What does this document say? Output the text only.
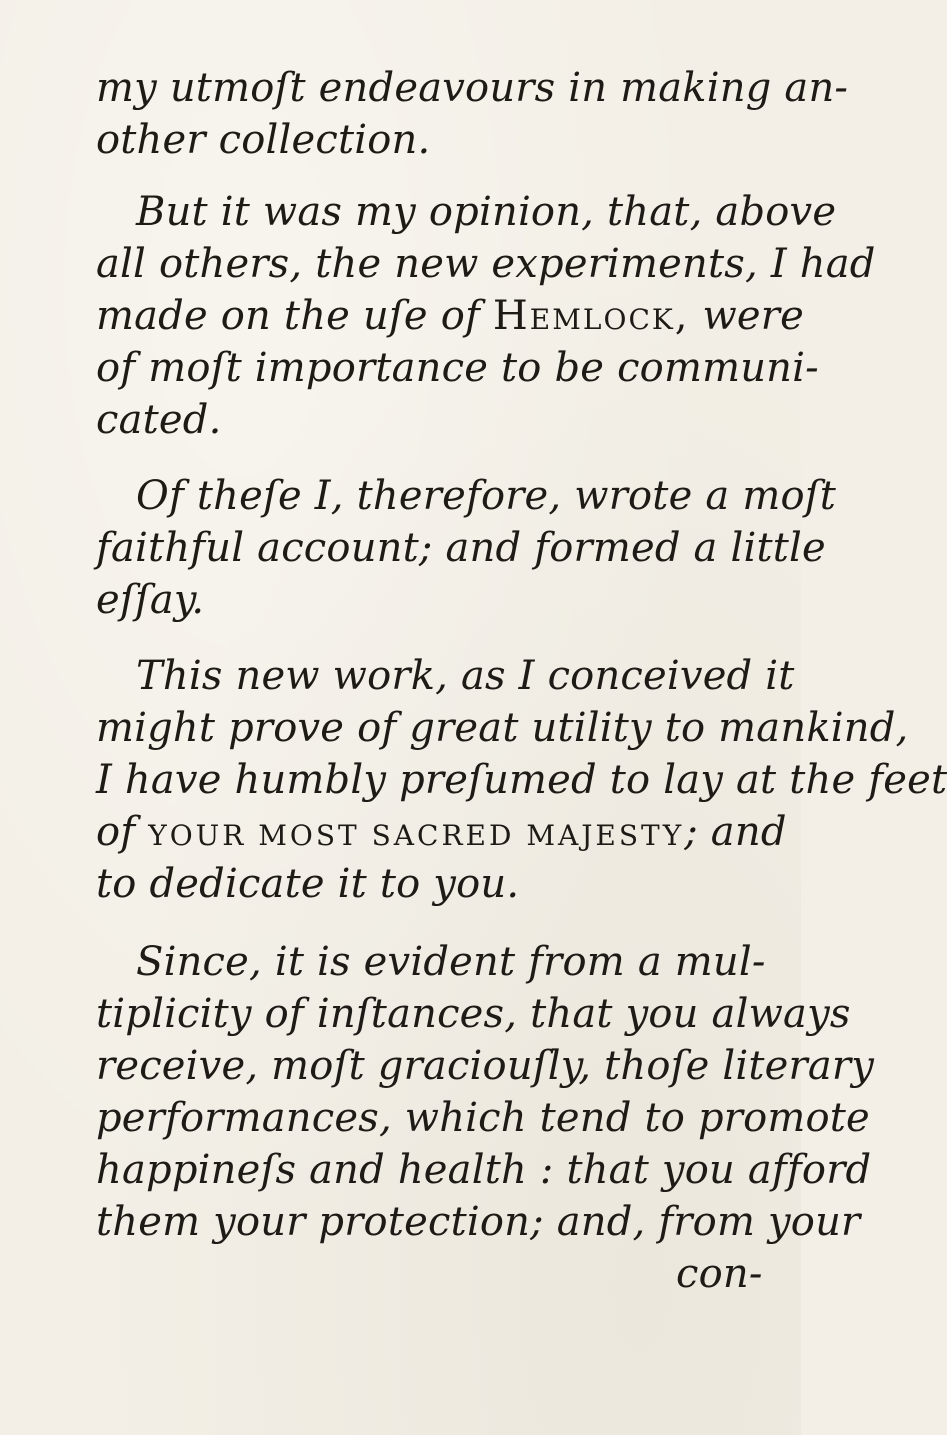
my utmoſt endeavours in making an-
other collection.
But it was my opinion, that, above
all others, the new experiments, I had
made on the uſe of Hemlock, were
of moſt importance to be communi-
cated.
Of theſe I, therefore, wrote a moſt
faithful account; and formed a little
eſſay.
This new work, as I conceived it
might prove of great utility to mankind,
I have humbly preſumed to lay at the feet
of YOUR MOST SACRED MAJESTY; and
to dedicate it to you.
Since, it is evident from a mul-
tiplicity of inſtances, that you always
receive, moſt graciouſly, thoſe literary
performances, which tend to promote
happineſs and health : that you afford
them your protection; and, from your
con-
